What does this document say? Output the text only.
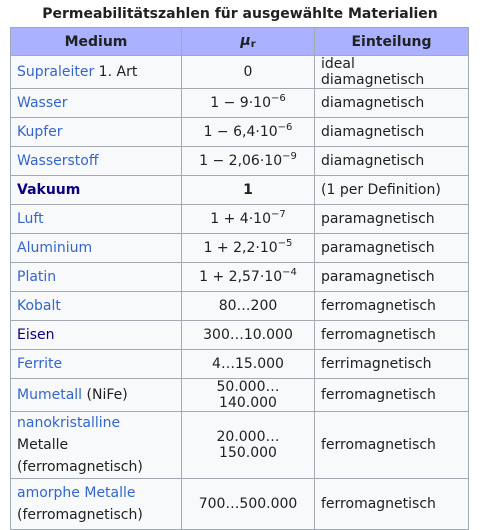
Permeabilitätszahlen für ausgewählte Materialien
Medium	$\mu_r$	Einteilung
Supraleiter 1. Art	0	ideal diamagnetisch
Wasser	$1 - 9\cdot 10^{-6}$	diamagnetisch
Kupfer	$1 - 6,4\cdot 10^{-6}$	diamagnetisch
Wasserstoff	$1 - 2,06\cdot 10^{-9}$	diamagnetisch
Vakuum	1	(1 per Definition)
Luft	$1 + 4\cdot 10^{-7}$	paramagnetisch
Aluminium	$1 + 2,2\cdot 10^{-5}$	paramagnetisch
Platin	$1 + 2,57\cdot 10^{-4}$	paramagnetisch
Kobalt	80…200	ferromagnetisch
Eisen	300…10.000	ferromagnetisch
Ferrite	4…15.000	ferrimagnetisch
Mumetall (NiFe)	50.000…140.000	ferromagnetisch
nanokristalline Metalle
(ferromagnetisch)	20.000…150.000	ferromagnetisch
amorphe Metalle
(ferromagnetisch)	700…500.000	ferromagnetisch
